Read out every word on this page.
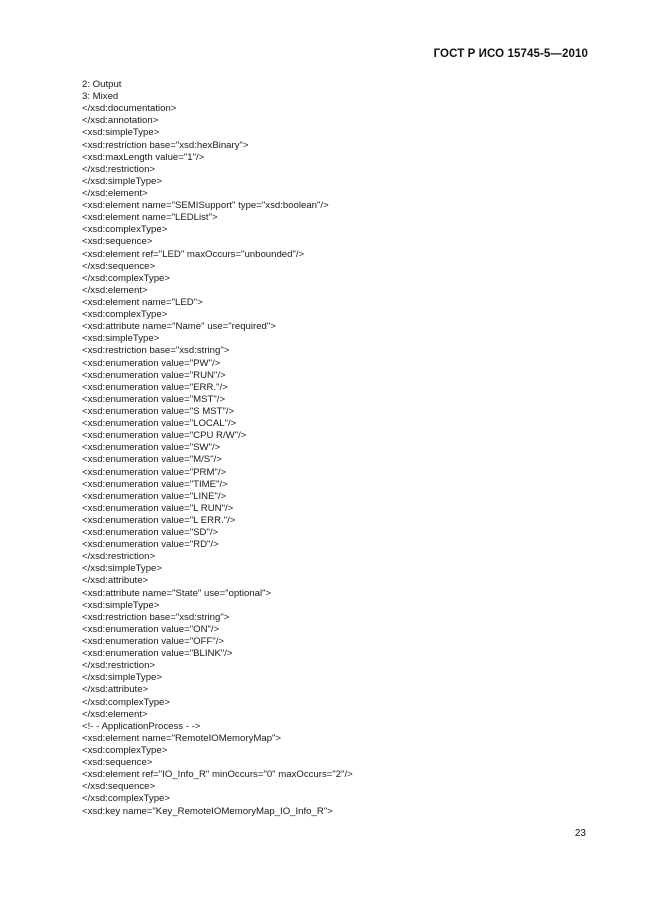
ГОСТ Р ИСО 15745-5—2010
2: Output
3: Mixed
</xsd:documentation>
</xsd:annotation>
<xsd:simpleType>
<xsd:restriction base="xsd:hexBinary">
<xsd:maxLength value="1"/>
</xsd:restriction>
</xsd:simpleType>
</xsd:element>
<xsd:element name="SEMISupport" type="xsd:boolean"/>
<xsd:element name="LEDList">
<xsd:complexType>
<xsd:sequence>
<xsd:element ref="LED" maxOccurs="unbounded"/>
</xsd:sequence>
</xsd:complexType>
</xsd:element>
<xsd:element name="LED">
<xsd:complexType>
<xsd:attribute name="Name" use="required">
<xsd:simpleType>
<xsd:restriction base="xsd:string">
<xsd:enumeration value="PW"/>
<xsd:enumeration value="RUN"/>
<xsd:enumeration value="ERR."/>
<xsd:enumeration value="MST"/>
<xsd:enumeration value="S MST"/>
<xsd:enumeration value="LOCAL"/>
<xsd:enumeration value="CPU R/W"/>
<xsd:enumeration value="SW"/>
<xsd:enumeration value="M/S"/>
<xsd:enumeration value="PRM"/>
<xsd:enumeration value="TIME"/>
<xsd:enumeration value="LINE"/>
<xsd:enumeration value="L RUN"/>
<xsd:enumeration value="L ERR."/>
<xsd:enumeration value="SD"/>
<xsd:enumeration value="RD"/>
</xsd:restriction>
</xsd:simpleType>
</xsd:attribute>
<xsd:attribute name="State" use="optional">
<xsd:simpleType>
<xsd:restriction base="xsd:string">
<xsd:enumeration value="ON"/>
<xsd:enumeration value="OFF"/>
<xsd:enumeration value="BLINK"/>
</xsd:restriction>
</xsd:simpleType>
</xsd:attribute>
</xsd:complexType>
</xsd:element>
<!- - ApplicationProcess - ->
<xsd:element name="RemoteIOMemoryMap">
<xsd:complexType>
<xsd:sequence>
<xsd:element ref="IO_Info_R" minOccurs="0" maxOccurs="2"/>
</xsd:sequence>
</xsd:complexType>
<xsd:key name="Key_RemoteIOMemoryMap_IO_Info_R">
23
